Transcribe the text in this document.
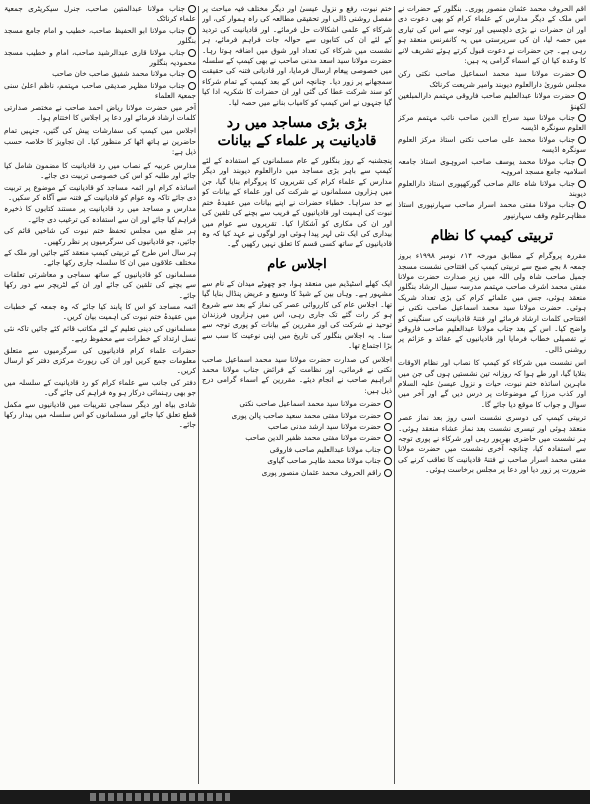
اقم الحروف محمد عثمان منصور پوری۔ بنگلور کے حضرات نے اس ملک کے دیگر مدارس کے علماء کرام کو بھی دعوت دی اور ان حضرات نے بڑی دلچسپی اور توجہ سے اس کی تیاری میں حصہ لیا، ان کی سرپرستی میں یہ کانفرنس منعقد ہو رہی ہے۔ جن حضرات نے دعوت قبول کرتے ہوئے تشریف لانے کا وعدہ کیا ان کے اسماء گرامی یہ ہیں:

حضرت مولانا سید محمد اسماعیل صاحب نکتی رکن مجلس شوریٰ دارالعلوم دیوبند وامیر شریعت کرناٹک

حضرت مولانا عبدالعلیم صاحب فاروقی مہتمم دارالمبلغین لکھنؤ

جناب مولانا سید سراج الدین صاحب نائب مہتمم مرکز العلوم سونگرہ اڈیسہ

جناب مولانا محمد علی صاحب نکتی استاذ مرکز العلوم سونگرہ اڈیسہ

جناب مولانا محمد یوسف صاحب امروہوی استاذ جامعہ اسلامیہ جامع مسجد امروہہ

جناب مولانا شاہ عالم صاحب گورکھپوری استاذ دارالعلوم دیوبند

جناب مولانا مفتی محمد اسرار صاحب سہارنپوری استاذ مظاہرعلوم وقف سہارنپور

تربیتی کیمپ کا نظام

مقررہ پروگرام کے مطابق مورخہ ۱۴؍ نومبر ۱۹۹۸ء بروز جمعہ ۸ بجے صبح سے تربیتی کیمپ کی افتتاحی نشست مسجد جمیل صاحب شاہ ولی اللہ میں زیرِ صدارت حضرت مولانا مفتی محمد اشرف صاحب مہتمم مدرسہ سبیل الرشاد بنگلور منعقد ہوئی، جس میں علمائے کرام کی بڑی تعداد شریک ہوئی۔ حضرت مولانا سید محمد اسماعیل صاحب نکتی نے افتتاحی کلمات ارشاد فرمائے اور فتنۂ قادیانیت کی سنگینی کو واضح کیا۔ اس کے بعد جناب مولانا عبدالعلیم صاحب فاروقی نے تفصیلی خطاب فرمایا اور قادیانیوں کے عقائد و عزائم پر روشنی ڈالی۔

اس نشست میں شرکاء کو کیمپ کا نصاب اور نظام الاوقات بتلایا گیا، اور طے ہوا کہ روزانہ تین نشستیں ہوں گی جن میں ماہرین اساتذہ ختم نبوت، حیات و نزول عیسیٰ علیہ السلام اور کذب مرزا کے موضوعات پر درس دیں گے اور آخر میں سوال و جواب کا موقع دیا جائے گا۔

تربیتی کیمپ کی دوسری نشست اسی روز بعد نماز عصر منعقد ہوئی اور تیسری نشست بعد نماز عشاء منعقد ہوئی۔ ہر نشست میں حاضری بھرپور رہی اور شرکاء نے پوری توجہ سے استفادہ کیا، چنانچہ آخری نشست میں حضرت مولانا مفتی محمد اسرار صاحب نے فتنۂ قادیانیت کا تعاقب کرنے کی ضرورت پر زور دیا اور دعا پر مجلس برخاست ہوئی۔

ختم نبوت، رفع و نزول عیسیٰ اور دیگر مختلف فیہ مباحث پر مفصل روشنی ڈالی اور تحقیقی مطالعہ کی راہ ہموار کی، اور شرکاء کے علمی اشکالات حل فرمائے۔ اور قادیانیت کی تردید کے لئے ان کی کتابوں سے حوالہ جات فراہم فرمائے، ہر نشست میں شرکاء کی تعداد اور شوق میں اضافہ ہوتا رہا۔ حضرت مولانا سید اسعد مدنی صاحب نے بھی کیمپ کے سلسلہ میں خصوصی پیغام ارسال فرمایا، اور قادیانی فتنہ کی حقیقت سمجھانے پر زور دیا۔ چنانچہ اس کے بعد کیمپ کے تمام شرکاء کو سند شرکت عطا کی گئی اور ان حضرات کا شکریہ ادا کیا گیا جنہوں نے اس کیمپ کو کامیاب بنانے میں حصہ لیا۔

بڑی بڑی مساجد میں رد قادیانیت پر علماء کے بیانات

پنجشنبہ کے روز بنگلور کے عام مسلمانوں کے استفادہ کے لئے کیمپ سے باہر بڑی مساجد میں دارالعلوم دیوبند اور دیگر مدارس کے علماء کرام کی تقریروں کا پروگرام بنایا گیا، جن میں ہزاروں مسلمانوں نے شرکت کی اور علماء کے بیانات کو بے حد سراہا۔ خطباء حضرات نے اپنے بیانات میں عقیدۂ ختم نبوت کی اہمیت اور قادیانیوں کے فریب سے بچنے کی تلقین کی اور ان کی مکاری کو آشکارا کیا۔ تقریروں سے عوام میں بیداری کی ایک نئی لہر پیدا ہوئی اور لوگوں نے عہد کیا کہ وہ قادیانیوں کے ساتھ کسی قسم کا تعلق نہیں رکھیں گے۔

اجلاس عام

ایک کھلے اسٹیڈیم میں منعقد ہوا، جو چھوٹے میدان کے نام سے مشہور ہے۔ وہاں بین کے شیڈ کا وسیع و عریض پنڈال بنایا گیا تھا۔ اجلاس عام کی کارروائی عصر کی نماز کے بعد سے شروع ہو کر رات گئے تک جاری رہی، اس میں ہزاروں فرزندان توحید نے شرکت کی اور مقررین کے بیانات کو پوری توجہ سے سنا۔ یہ اجلاس بنگلور کی تاریخ میں اپنی نوعیت کا سب سے بڑا اجتماع تھا۔

اجلاس کی صدارت حضرت مولانا سید محمد اسماعیل صاحب نکتی نے فرمائی، اور نظامت کے فرائض جناب مولانا محمد ابراہیم صاحب نے انجام دیئے۔ مقررین کے اسماء گرامی درج ذیل ہیں:

حضرت مولانا سید محمد اسماعیل صاحب نکتی

حضرت مولانا مفتی محمد سعید صاحب پالن پوری

حضرت مولانا سید ارشد مدنی صاحب

حضرت مولانا مفتی محمد ظفیر الدین صاحب

جناب مولانا عبدالعلیم صاحب فاروقی

جناب مولانا محمد طاہر صاحب گیاوی

راقم الحروف محمد عثمان منصور پوری

جناب مولانا عبدالمتین صاحب، جنرل سیکریٹری جمعیۃ علماء کرناٹک

جناب مولانا ابو الحفیظ صاحب، خطیب و امام جامع مسجد بنگلور

جناب مولانا قاری عبدالرشید صاحب، امام و خطیب مسجد محمودیہ بنگلور

جناب مولانا محمد شفیق صاحب خان صاحب

جناب مولانا مظہر صدیقی صاحب مہتمم، ناظم اعلیٰ سنی جمعیۃ العلماء

آخر میں حضرت مولانا ریاض احمد صاحب نے مختصر صدارتی کلمات ارشاد فرمائے اور دعا پر اجلاس کا اختتام ہوا۔

اجلاس میں کیمپ کی سفارشات پیش کی گئیں، جنہیں تمام حاضرین نے ہاتھ اٹھا کر منظور کیا۔ ان تجاویز کا خلاصہ حسب ذیل ہے:

مدارس عربیہ کے نصاب میں رد قادیانیت کا مضمون شامل کیا جائے اور طلبہ کو اس کی خصوصی تربیت دی جائے۔

اساتذہ کرام اور ائمہ مساجد کو قادیانیت کے موضوع پر تربیت دی جائے تاکہ وہ عوام کو قادیانیت کے فتنہ سے آگاہ کر سکیں۔

مدارس و مساجد میں رد قادیانیت پر مستند کتابوں کا ذخیرہ فراہم کیا جائے اور ان سے استفادہ کی ترغیب دی جائے۔

ہر ضلع میں مجلس تحفظ ختم نبوت کی شاخیں قائم کی جائیں، جو قادیانیوں کی سرگرمیوں پر نظر رکھیں۔

ہر سال اس طرح کے تربیتی کیمپ منعقد کئے جائیں اور ملک کے مختلف علاقوں میں ان کا سلسلہ جاری رکھا جائے۔

مسلمانوں کو قادیانیوں کے ساتھ سماجی و معاشرتی تعلقات سے بچنے کی تلقین کی جائے اور ان کے لٹریچر سے دور رکھا جائے۔

ائمہ مساجد کو اس کا پابند کیا جائے کہ وہ جمعہ کے خطبات میں عقیدۂ ختم نبوت کی اہمیت بیان کریں۔

مسلمانوں کی دینی تعلیم کے لئے مکاتب قائم کئے جائیں تاکہ نئی نسل ارتداد کے خطرات سے محفوظ رہے۔

حضرات علماء کرام قادیانیوں کی سرگرمیوں سے متعلق معلومات جمع کریں اور ان کی رپورٹ مرکزی دفتر کو ارسال کریں۔

دفتر کی جانب سے علماء کرام کو رد قادیانیت کے سلسلہ میں جو بھی رہنمائی درکار ہو وہ فراہم کی جائے گی۔

شادی بیاہ اور دیگر سماجی تقریبات میں قادیانیوں سے مکمل قطع تعلق کیا جائے اور مسلمانوں کو اس سلسلہ میں بیدار رکھا جائے۔
